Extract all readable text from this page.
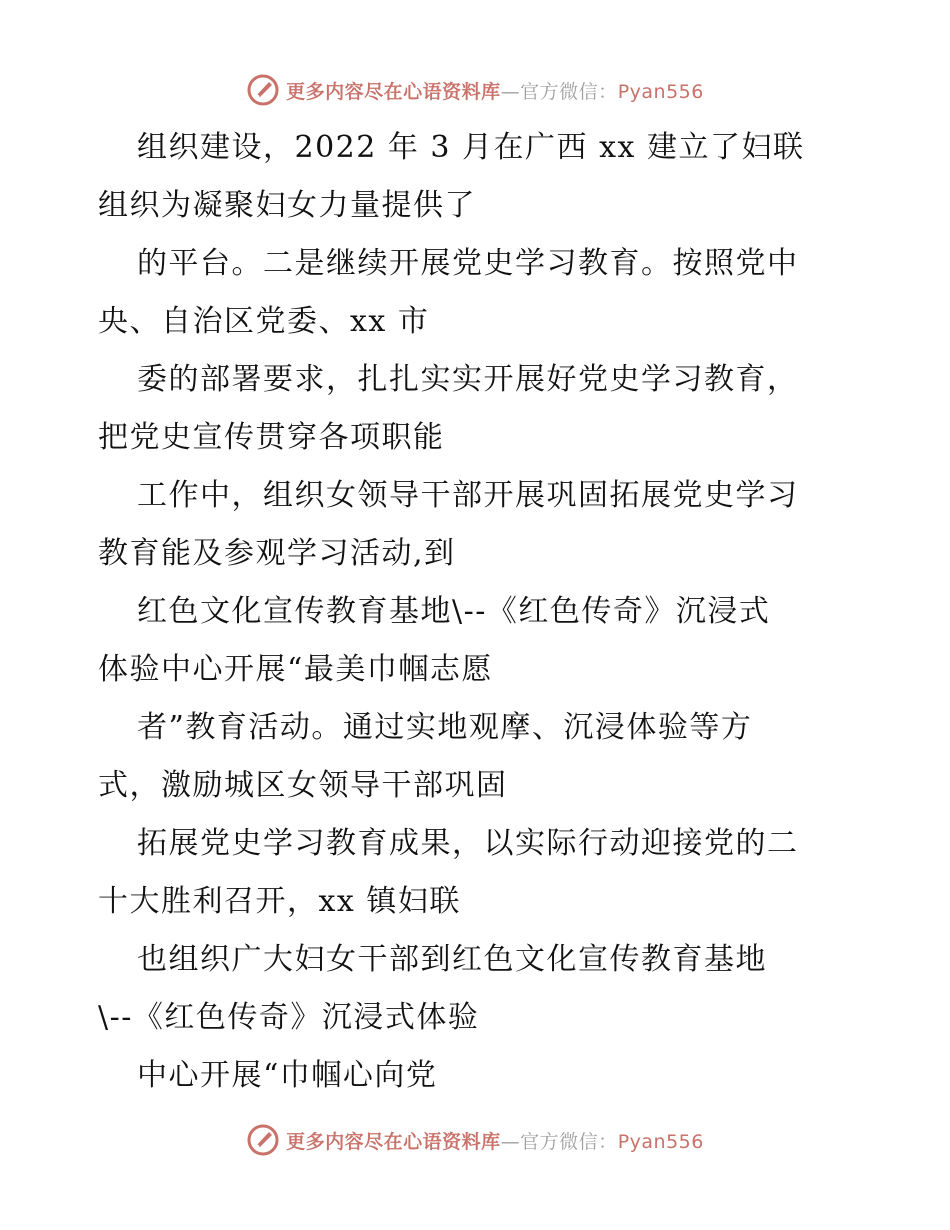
更多内容尽在心语资料库—官方微信：Pyan556
组织建设，2022 年 3 月在广西 xx 建立了妇联
组织为凝聚妇女力量提供了
的平台。二是继续开展党史学习教育。按照党中
央、自治区党委、xx 市
委的部署要求，扎扎实实开展好党史学习教育，
把党史宣传贯穿各项职能
工作中，组织女领导干部开展巩固拓展党史学习
教育能及参观学习活动,到
红色文化宣传教育基地\--《红色传奇》沉浸式
体验中心开展“最美巾帼志愿
者”教育活动。通过实地观摩、沉浸体验等方
式，激励城区女领导干部巩固
拓展党史学习教育成果，以实际行动迎接党的二
十大胜利召开，xx 镇妇联
也组织广大妇女干部到红色文化宣传教育基地
\--《红色传奇》沉浸式体验
中心开展“巾帼心向党
更多内容尽在心语资料库—官方微信：Pyan556
